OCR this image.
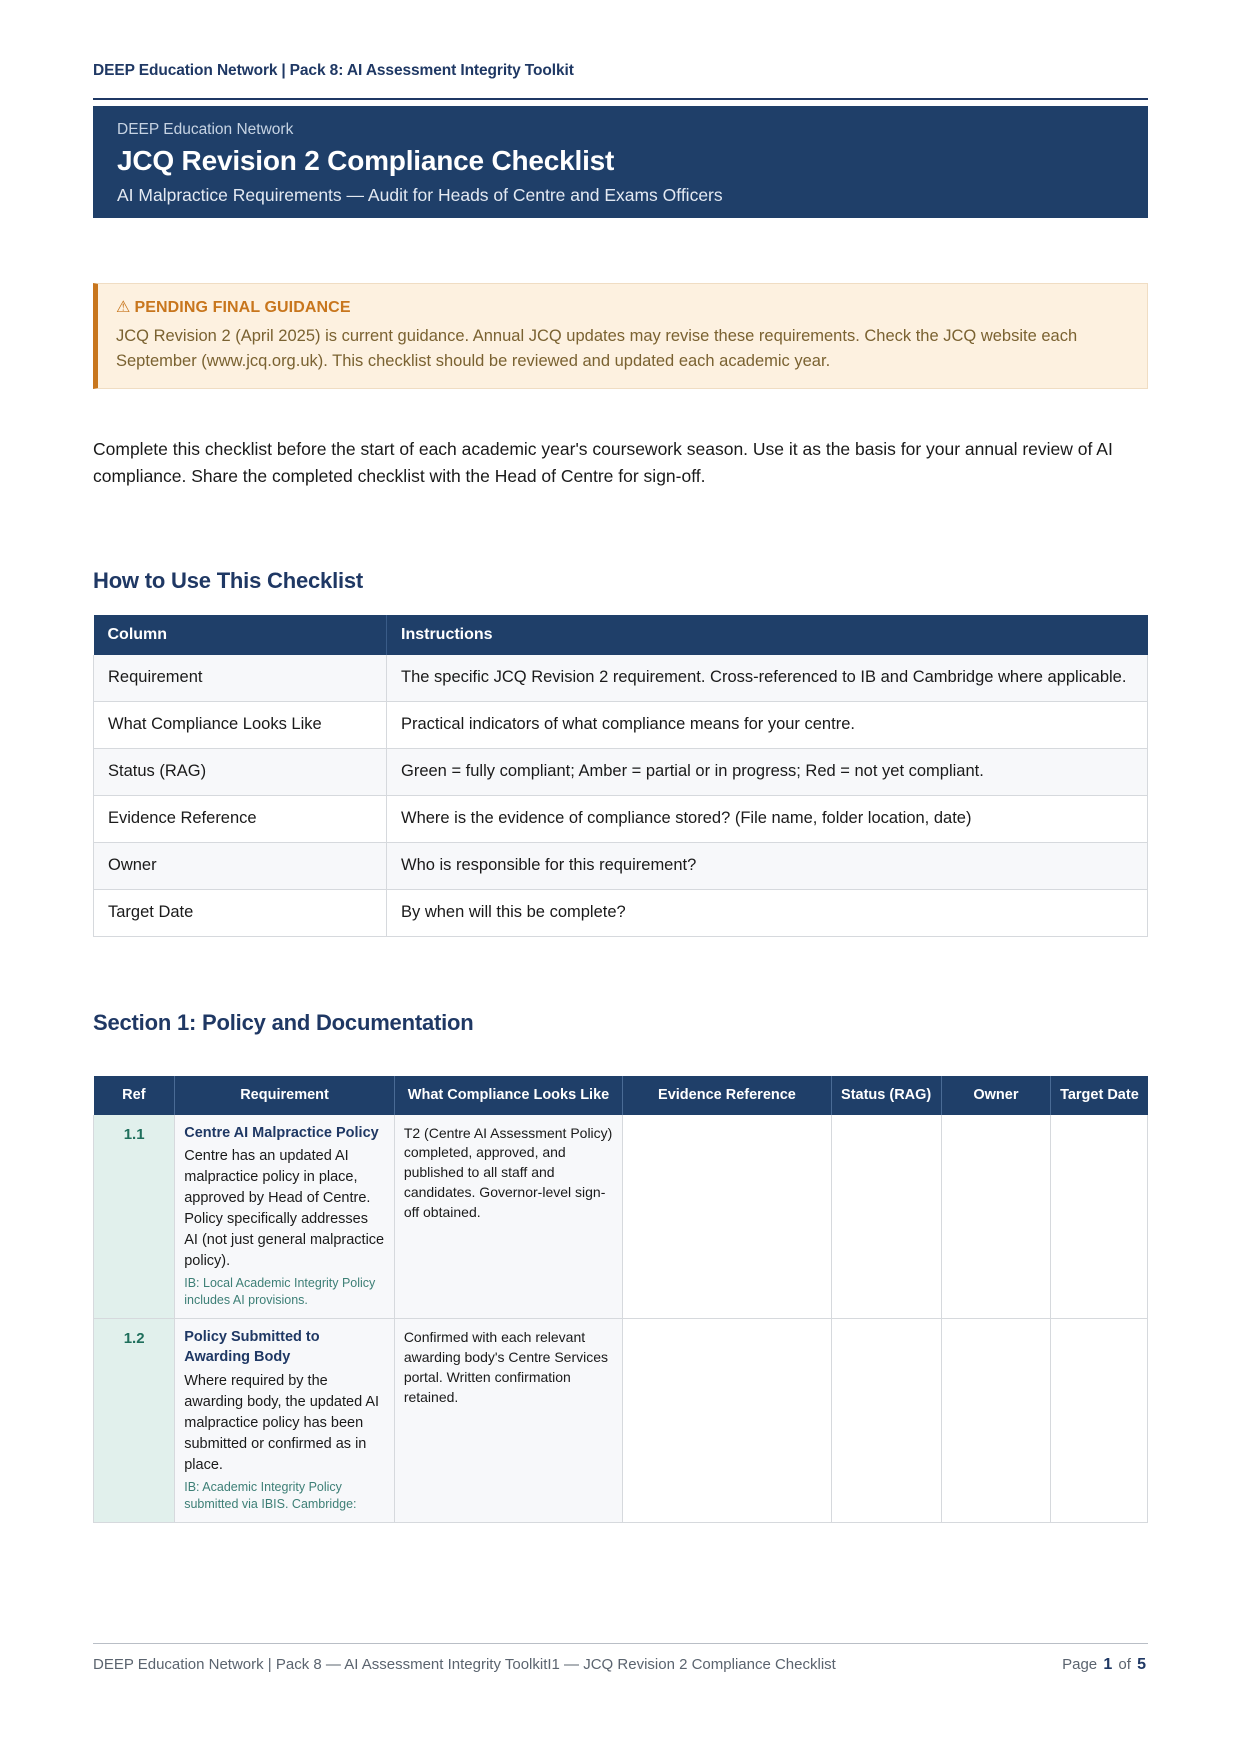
DEEP Education Network | Pack 8: AI Assessment Integrity Toolkit
DEEP Education Network
JCQ Revision 2 Compliance Checklist
AI Malpractice Requirements — Audit for Heads of Centre and Exams Officers
⚠ PENDING FINAL GUIDANCE
JCQ Revision 2 (April 2025) is current guidance. Annual JCQ updates may revise these requirements. Check the JCQ website each September (www.jcq.org.uk). This checklist should be reviewed and updated each academic year.
Complete this checklist before the start of each academic year's coursework season. Use it as the basis for your annual review of AI compliance. Share the completed checklist with the Head of Centre for sign-off.
How to Use This Checklist
Column	Instructions
Requirement	The specific JCQ Revision 2 requirement. Cross-referenced to IB and Cambridge where applicable.
What Compliance Looks Like	Practical indicators of what compliance means for your centre.
Status (RAG)	Green = fully compliant; Amber = partial or in progress; Red = not yet compliant.
Evidence Reference	Where is the evidence of compliance stored? (File name, folder location, date)
Owner	Who is responsible for this requirement?
Target Date	By when will this be complete?
Section 1: Policy and Documentation
Ref	Requirement	What Compliance Looks Like	Evidence Reference	Status (RAG)	Owner	Target Date
1.1	Centre AI Malpractice Policy
Centre has an updated AI malpractice policy in place, approved by Head of Centre. Policy specifically addresses AI (not just general malpractice policy).
IB: Local Academic Integrity Policy includes AI provisions.	T2 (Centre AI Assessment Policy) completed, approved, and published to all staff and candidates. Governor-level sign-off obtained.				
1.2	Policy Submitted to Awarding Body
Where required by the awarding body, the updated AI malpractice policy has been submitted or confirmed as in place.
IB: Academic Integrity Policy submitted via IBIS. Cambridge:	Confirmed with each relevant awarding body's Centre Services portal. Written confirmation retained.				
DEEP Education Network | Pack 8 — AI Assessment Integrity ToolkitI1 — JCQ Revision 2 Compliance Checklist	Page 1 of 5
